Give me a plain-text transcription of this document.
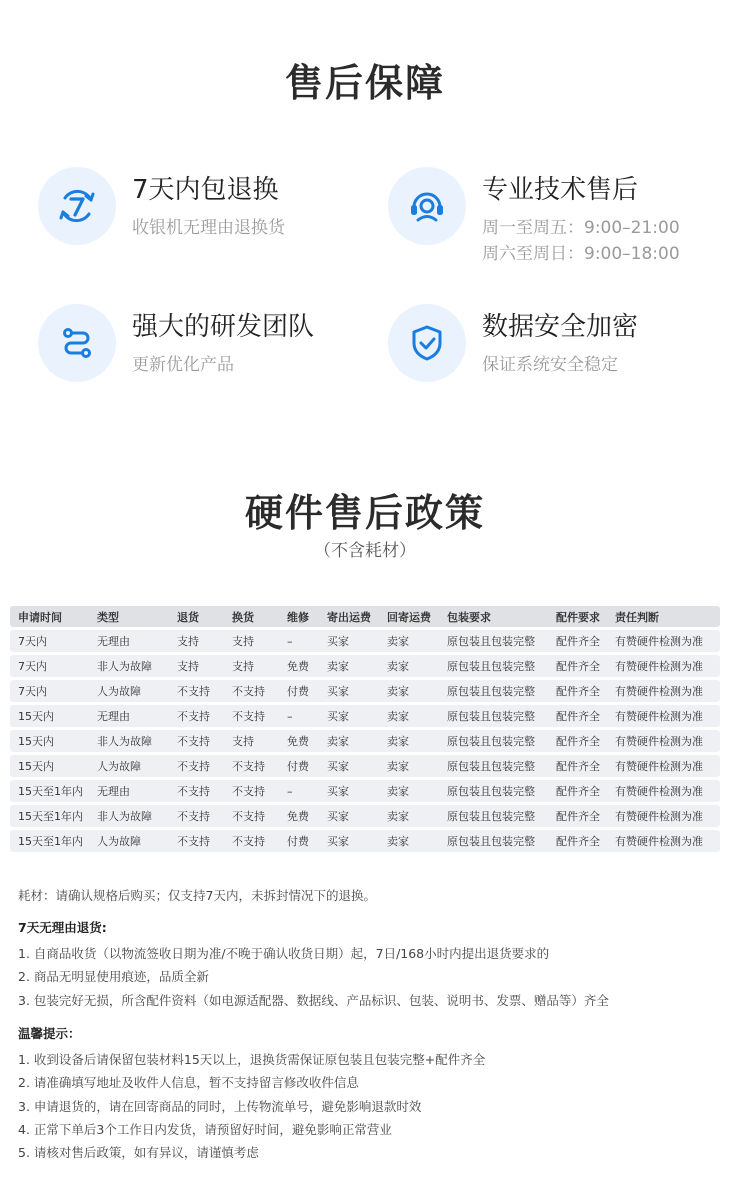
售后保障
7天内包退换
收银机无理由退换货
专业技术售后
周一至周五：9:00–21:00
周六至周日：9:00–18:00
强大的研发团队
更新优化产品
数据安全加密
保证系统安全稳定
硬件售后政策
（不含耗材）
申请时间	类型	退货	换货	维修	寄出运费	回寄运费	包装要求	配件要求	责任判断
7天内	无理由	支持	支持	–	买家	卖家	原包装且包装完整	配件齐全	有赞硬件检测为准
7天内	非人为故障	支持	支持	免费	卖家	卖家	原包装且包装完整	配件齐全	有赞硬件检测为准
7天内	人为故障	不支持	不支持	付费	买家	卖家	原包装且包装完整	配件齐全	有赞硬件检测为准
15天内	无理由	不支持	不支持	–	买家	卖家	原包装且包装完整	配件齐全	有赞硬件检测为准
15天内	非人为故障	不支持	支持	免费	卖家	卖家	原包装且包装完整	配件齐全	有赞硬件检测为准
15天内	人为故障	不支持	不支持	付费	买家	卖家	原包装且包装完整	配件齐全	有赞硬件检测为准
15天至1年内	无理由	不支持	不支持	–	买家	卖家	原包装且包装完整	配件齐全	有赞硬件检测为准
15天至1年内	非人为故障	不支持	不支持	免费	买家	卖家	原包装且包装完整	配件齐全	有赞硬件检测为准
15天至1年内	人为故障	不支持	不支持	付费	买家	卖家	原包装且包装完整	配件齐全	有赞硬件检测为准
耗材：请确认规格后购买；仅支持7天内，未拆封情况下的退换。
7天无理由退货:
1. 自商品收货（以物流签收日期为准/不晚于确认收货日期）起，7日/168小时内提出退货要求的
2. 商品无明显使用痕迹，品质全新
3. 包装完好无损，所含配件资料（如电源适配器、数据线、产品标识、包装、说明书、发票、赠品等）齐全
温馨提示：
1. 收到设备后请保留包装材料15天以上，退换货需保证原包装且包装完整+配件齐全
2. 请准确填写地址及收件人信息，暂不支持留言修改收件信息
3. 申请退货的，请在回寄商品的同时，上传物流单号，避免影响退款时效
4. 正常下单后3个工作日内发货，请预留好时间，避免影响正常营业
5. 请核对售后政策，如有异议，请谨慎考虑
